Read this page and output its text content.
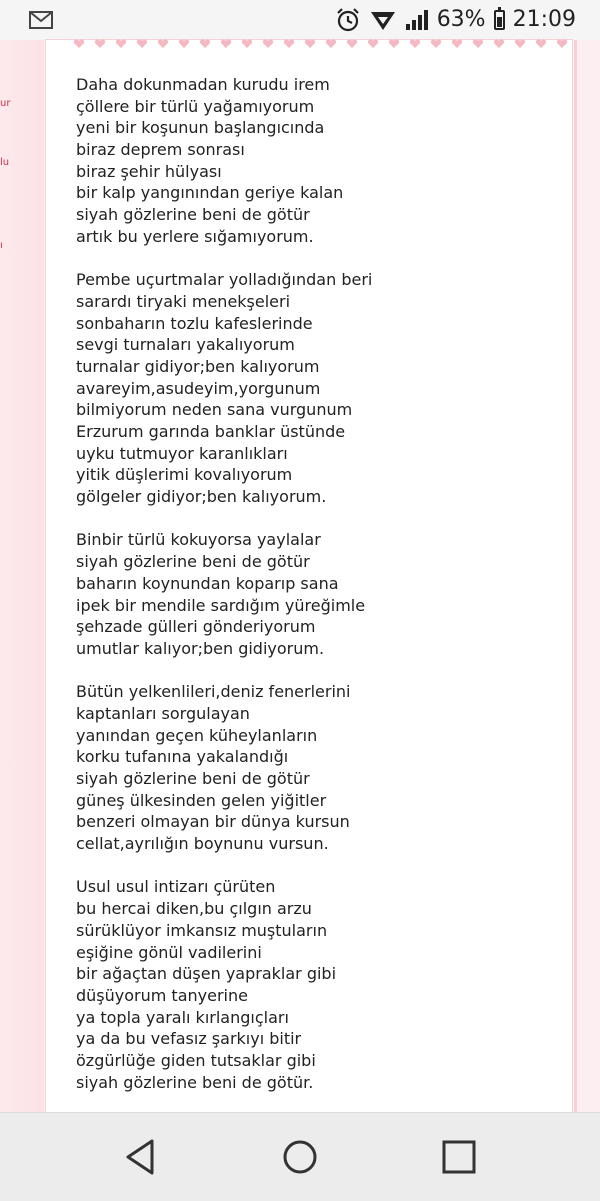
63% 21:09
ur
lu
ı
Daha dokunmadan kurudu irem
çöllere bir türlü yağamıyorum
yeni bir koşunun başlangıcında
biraz deprem sonrası
biraz şehir hülyası
bir kalp yangınından geriye kalan
siyah gözlerine beni de götür
artık bu yerlere sığamıyorum.
Pembe uçurtmalar yolladığından beri
sarardı tiryaki menekşeleri
sonbaharın tozlu kafeslerinde
sevgi turnaları yakalıyorum
turnalar gidiyor;ben kalıyorum
avareyim,asudeyim,yorgunum
bilmiyorum neden sana vurgunum
Erzurum garında banklar üstünde
uyku tutmuyor karanlıkları
yitik düşlerimi kovalıyorum
gölgeler gidiyor;ben kalıyorum.
Binbir türlü kokuyorsa yaylalar
siyah gözlerine beni de götür
baharın koynundan koparıp sana
ipek bir mendile sardığım yüreğimle
şehzade gülleri gönderiyorum
umutlar kalıyor;ben gidiyorum.
Bütün yelkenlileri,deniz fenerlerini
kaptanları sorgulayan
yanından geçen küheylanların
korku tufanına yakalandığı
siyah gözlerine beni de götür
güneş ülkesinden gelen yiğitler
benzeri olmayan bir dünya kursun
cellat,ayrılığın boynunu vursun.
Usul usul intizarı çürüten
bu hercai diken,bu çılgın arzu
sürüklüyor imkansız muştuların
eşiğine gönül vadilerini
bir ağaçtan düşen yapraklar gibi
düşüyorum tanyerine
ya topla yaralı kırlangıçları
ya da bu vefasız şarkıyı bitir
özgürlüğe giden tutsaklar gibi
siyah gözlerine beni de götür.
